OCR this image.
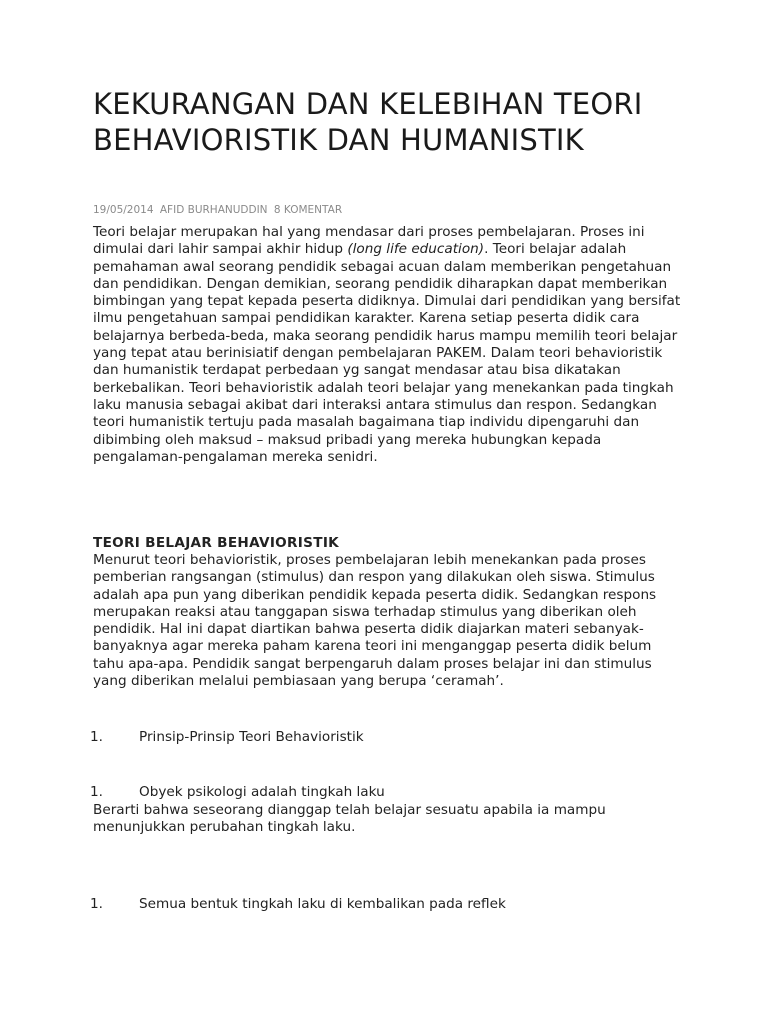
KEKURANGAN DAN KELEBIHAN TEORI BEHAVIORISTIK DAN HUMANISTIK
19/05/2014 AFID BURHANUDDIN 8 KOMENTAR

Teori belajar merupakan hal yang mendasar dari proses pembelajaran. Proses ini dimulai dari lahir sampai akhir hidup (long life education). Teori belajar adalah pemahaman awal seorang pendidik sebagai acuan dalam memberikan pengetahuan dan pendidikan. Dengan demikian, seorang pendidik diharapkan dapat memberikan bimbingan yang tepat kepada peserta didiknya. Dimulai dari pendidikan yang bersifat ilmu pengetahuan sampai pendidikan karakter. Karena setiap peserta didik cara belajarnya berbeda-beda, maka seorang pendidik harus mampu memilih teori belajar yang tepat atau berinisiatif dengan pembelajaran PAKEM. Dalam teori behavioristik dan humanistik terdapat perbedaan yg sangat mendasar atau bisa dikatakan berkebalikan. Teori behavioristik adalah teori belajar yang menekankan pada tingkah laku manusia sebagai akibat dari interaksi antara stimulus dan respon. Sedangkan teori humanistik tertuju pada masalah bagaimana tiap individu dipengaruhi dan dibimbing oleh maksud – maksud pribadi yang mereka hubungkan kepada pengalaman-pengalaman mereka senidri.

TEORI BELAJAR BEHAVIORISTIK

Menurut teori behavioristik, proses pembelajaran lebih menekankan pada proses pemberian rangsangan (stimulus) dan respon yang dilakukan oleh siswa. Stimulus adalah apa pun yang diberikan pendidik kepada peserta didik. Sedangkan respons merupakan reaksi atau tanggapan siswa terhadap stimulus yang diberikan oleh pendidik. Hal ini dapat diartikan bahwa peserta didik diajarkan materi sebanyak-banyaknya agar mereka paham karena teori ini menganggap peserta didik belum tahu apa-apa. Pendidik sangat berpengaruh dalam proses belajar ini dan stimulus yang diberikan melalui pembiasaan yang berupa ‘ceramah’.

1.	Prinsip-Prinsip Teori Behavioristik
1.	Obyek psikologi adalah tingkah laku

Berarti bahwa seseorang dianggap telah belajar sesuatu apabila ia mampu menunjukkan perubahan tingkah laku.

1.	Semua bentuk tingkah laku di kembalikan pada reflek
